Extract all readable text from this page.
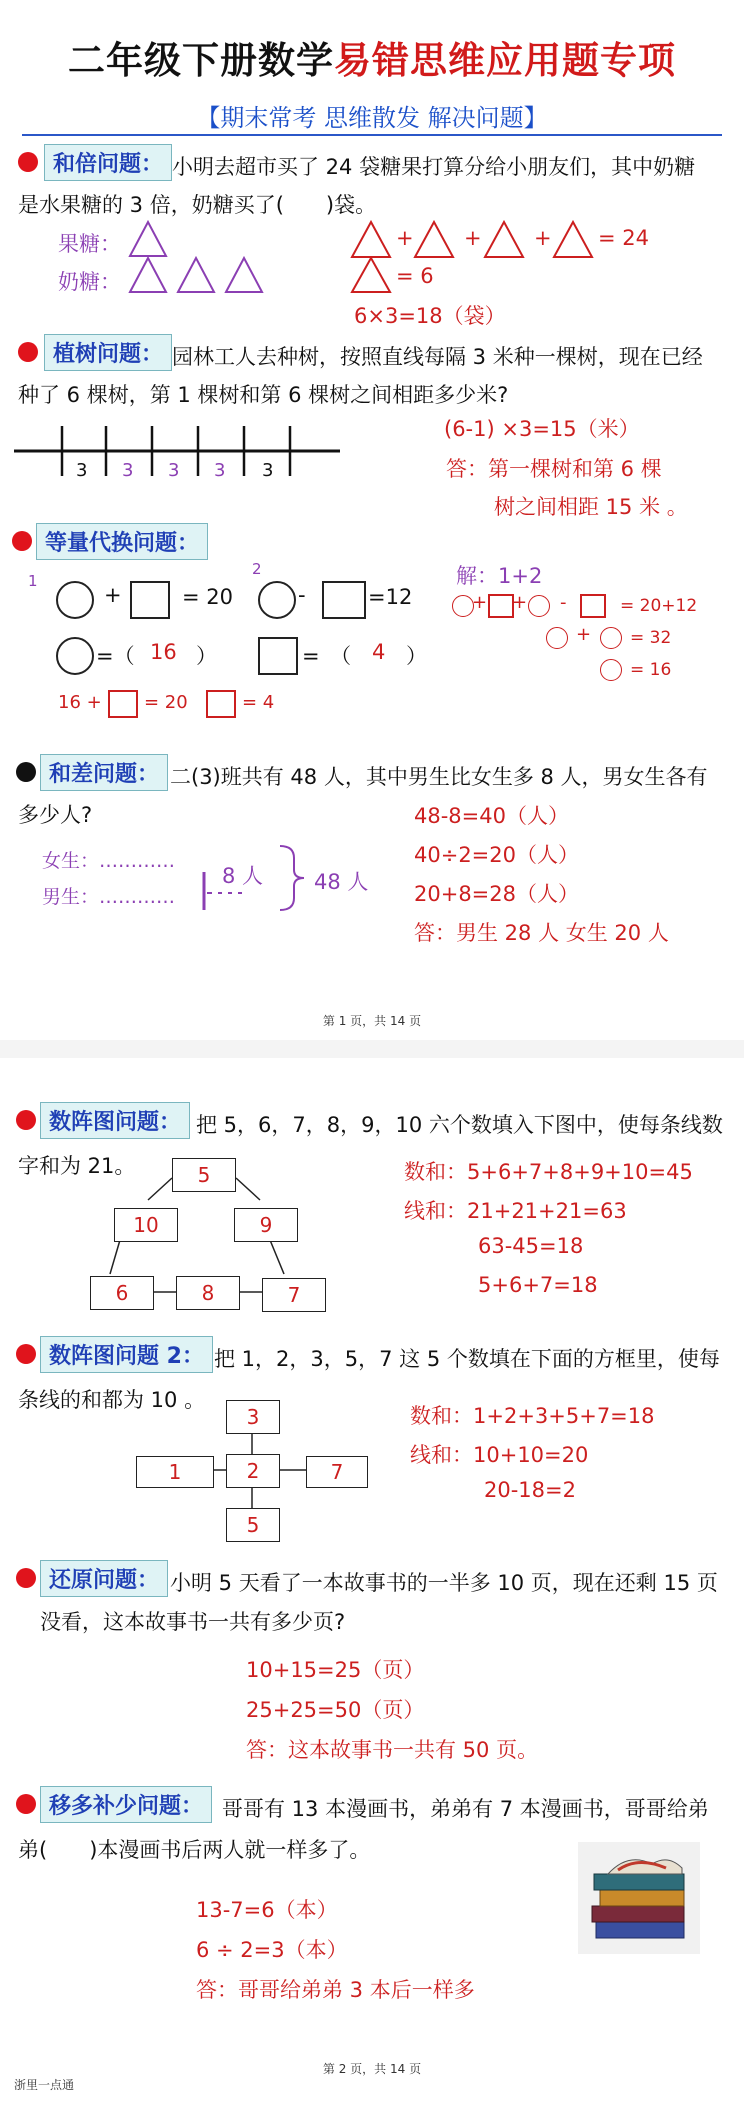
二年级下册数学易错思维应用题专项
【期末常考 思维散发 解决问题】
和倍问题： 小明去超市买了 24 袋糖果打算分给小朋友们，其中奶糖
是水果糖的 3 倍，奶糖买了(　　)袋。
果糖：
奶糖：
+ + + = 24
= 6
6×3=18（袋）
植树问题： 园林工人去种树，按照直线每隔 3 米种一棵树，现在已经
种了 6 棵树，第 1 棵树和第 6 棵树之间相距多少米?
3 3 3 3 3
(6-1) ×3=15（米）
答：第一棵树和第 6 棵
树之间相距 15 米 。
等量代换问题：
1
2
+	= 20	-	=12
=（ 16 ）	=　（ 4 ）
16 + = 20	= 4
解：1+2
+ + -	= 20+12
+ = 32
= 16
和差问题： 二(3)班共有 48 人，其中男生比女生多 8 人，男女生各有
多少人?
女生：…………
男生：…………
8 人 48 人
48-8=40（人）
40÷2=20（人）
20+8=28（人）
答：男生 28 人 女生 20 人
第 1 页，共 14 页
数阵图问题： 把 5，6，7，8，9，10 六个数填入下图中，使每条线数
字和为 21。	5
10	9
6	8	7
数和：5+6+7+8+9+10=45
线和：21+21+21=63
63-45=18
5+6+7=18
数阵图问题 2： 把 1，2，3，5，7 这 5 个数填在下面的方框里，使每
条线的和都为 10 。
3
1	2	7
5
数和：1+2+3+5+7=18
线和：10+10=20
20-18=2
还原问题： 小明 5 天看了一本故事书的一半多 10 页，现在还剩 15 页
没看，这本故事书一共有多少页?
10+15=25（页）
25+25=50（页）
答：这本故事书一共有 50 页。
移多补少问题： 哥哥有 13 本漫画书，弟弟有 7 本漫画书，哥哥给弟
弟(　　)本漫画书后两人就一样多了。
13-7=6（本）
6 ÷ 2=3（本）
答：哥哥给弟弟 3 本后一样多
第 2 页，共 14 页
浙里一点通
